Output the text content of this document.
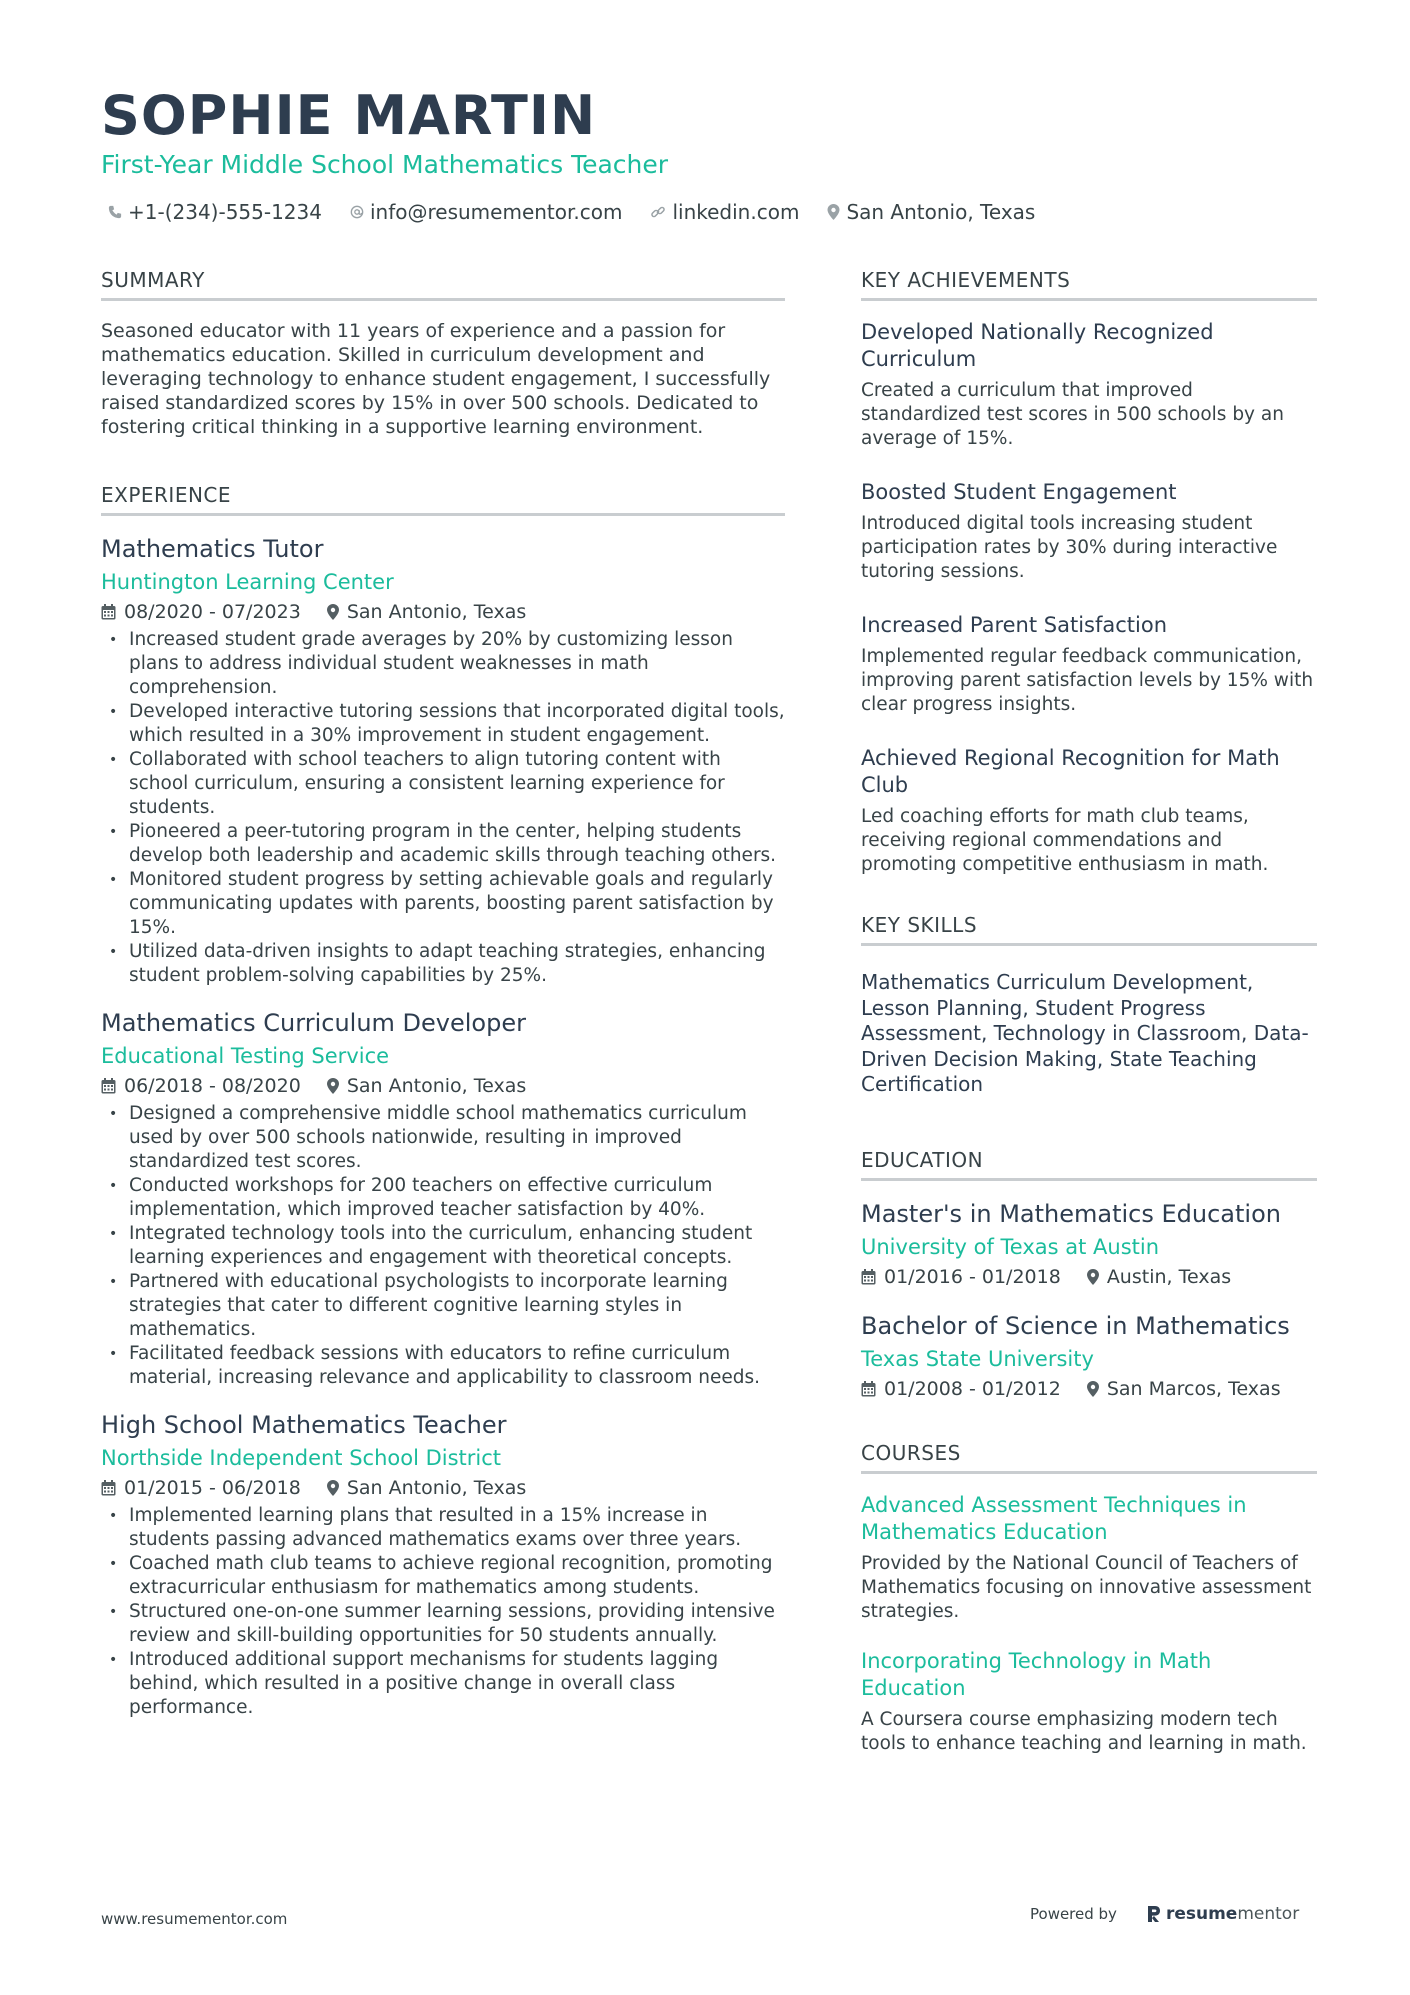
SOPHIE MARTIN
First-Year Middle School Mathematics Teacher
+1-(234)-555-1234 info@resumementor.com	linkedin.com San Antonio, Texas
SUMMARY

Seasoned educator with 11 years of experience and a passion for mathematics education. Skilled in curriculum development and leveraging technology to enhance student engagement, I successfully raised standardized scores by 15% in over 500 schools. Dedicated to fostering critical thinking in a supportive learning environment.

EXPERIENCE
Mathematics Tutor
Huntington Learning Center
08/2020 - 07/2023 San Antonio, Texas
• Increased student grade averages by 20% by customizing lesson plans to address individual student weaknesses in math comprehension.
• Developed interactive tutoring sessions that incorporated digital tools, which resulted in a 30% improvement in student engagement.
• Collaborated with school teachers to align tutoring content with school curriculum, ensuring a consistent learning experience for students.
• Pioneered a peer-tutoring program in the center, helping students develop both leadership and academic skills through teaching others.
• Monitored student progress by setting achievable goals and regularly communicating updates with parents, boosting parent satisfaction by 15%.
• Utilized data-driven insights to adapt teaching strategies, enhancing student problem-solving capabilities by 25%.
Mathematics Curriculum Developer
Educational Testing Service
06/2018 - 08/2020 San Antonio, Texas
• Designed a comprehensive middle school mathematics curriculum used by over 500 schools nationwide, resulting in improved standardized test scores.
• Conducted workshops for 200 teachers on effective curriculum implementation, which improved teacher satisfaction by 40%.
• Integrated technology tools into the curriculum, enhancing student learning experiences and engagement with theoretical concepts.
• Partnered with educational psychologists to incorporate learning strategies that cater to different cognitive learning styles in mathematics.
• Facilitated feedback sessions with educators to refine curriculum material, increasing relevance and applicability to classroom needs.
High School Mathematics Teacher
Northside Independent School District
01/2015 - 06/2018 San Antonio, Texas
• Implemented learning plans that resulted in a 15% increase in students passing advanced mathematics exams over three years.
• Coached math club teams to achieve regional recognition, promoting extracurricular enthusiasm for mathematics among students.
• Structured one-on-one summer learning sessions, providing intensive review and skill-building opportunities for 50 students annually.
• Introduced additional support mechanisms for students lagging behind, which resulted in a positive change in overall class performance.
KEY ACHIEVEMENTS
Developed Nationally Recognized Curriculum
Created a curriculum that improved standardized test scores in 500 schools by an average of 15%.
Boosted Student Engagement
Introduced digital tools increasing student participation rates by 30% during interactive tutoring sessions.
Increased Parent Satisfaction
Implemented regular feedback communication, improving parent satisfaction levels by 15% with clear progress insights.
Achieved Regional Recognition for Math Club
Led coaching efforts for math club teams, receiving regional commendations and promoting competitive enthusiasm in math.
KEY SKILLS

Mathematics Curriculum Development, Lesson Planning, Student Progress Assessment, Technology in Classroom, Data-Driven Decision Making, State Teaching Certification

EDUCATION
Master's in Mathematics Education
University of Texas at Austin
01/2016 - 01/2018 Austin, Texas
Bachelor of Science in Mathematics
Texas State University
01/2008 - 01/2012 San Marcos, Texas
COURSES
Advanced Assessment Techniques in Mathematics Education
Provided by the National Council of Teachers of Mathematics focusing on innovative assessment strategies.
Incorporating Technology in Math Education
A Coursera course emphasizing modern tech tools to enhance teaching and learning in math.
www.resumementor.com	Powered by	resume mentor
